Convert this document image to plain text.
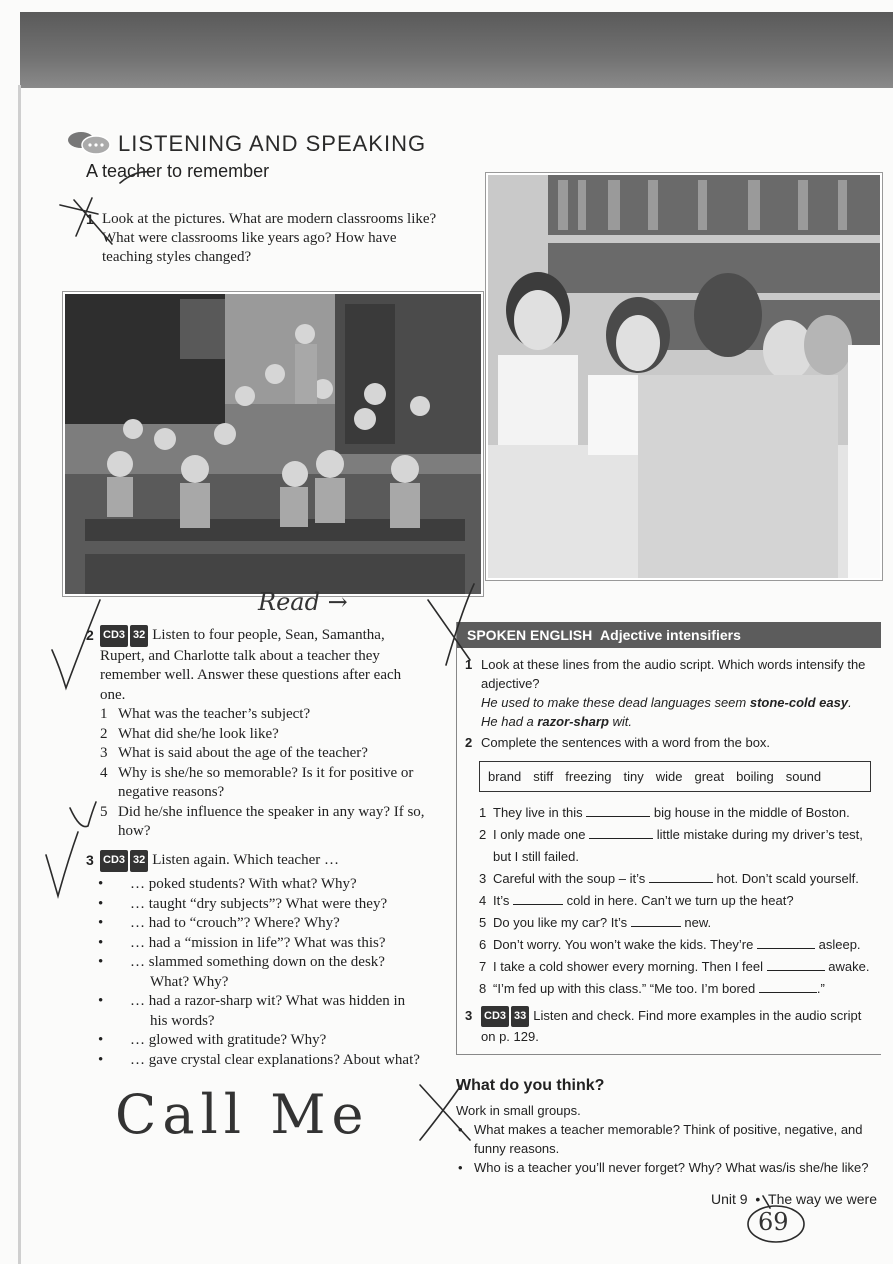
LISTENING AND SPEAKING
A teacher to remember
1 Look at the pictures. What are modern classrooms like? What were classrooms like years ago? How have teaching styles changed?
2 CD3 32 Listen to four people, Sean, Samantha, Rupert, and Charlotte talk about a teacher they remember well. Answer these questions after each one.
1 What was the teacher’s subject?
2 What did she/he look like?
3 What is said about the age of the teacher?
4 Why is she/he so memorable? Is it for positive or negative reasons?
5 Did he/she influence the speaker in any way? If so, how?
3 CD3 32 Listen again. Which teacher …
• … poked students? With what? Why?
• … taught “dry subjects”? What were they?
• … had to “crouch”? Where? Why?
• … had a “mission in life”? What was this?
• … slammed something down on the desk?
What? Why?
• … had a razor-sharp wit? What was hidden in
his words?
• … glowed with gratitude? Why?
• … gave crystal clear explanations? About what?
SPOKEN ENGLISH Adjective intensifiers
1 Look at these lines from the audio script. Which words intensify the adjective?
He used to make these dead languages seem stone-cold easy.
He had a razor-sharp wit.
2 Complete the sentences with a word from the box.
brand stiff freezing tiny wide great boiling sound
1 They live in this	big house in the middle of Boston.
2 I only made one	little mistake during my driver’s test,
but I still failed.
3 Careful with the soup – it’s	hot. Don’t scald yourself.
4 It’s	cold in here. Can’t we turn up the heat?
5 Do you like my car? It’s	new.
6 Don’t worry. You won’t wake the kids. They’re	asleep.
7 I take a cold shower every morning. Then I feel	awake.
8 “I’m fed up with this class.” “Me too. I’m bored	.”
3 CD3 33 Listen and check. Find more examples in the audio script on p. 129.
What do you think?
Work in small groups.
• What makes a teacher memorable? Think of positive, negative, and funny reasons.
• Who is a teacher you’ll never forget? Why? What was/is she/he like?
Unit 9 • The way we were
Read →
Call Me
69
